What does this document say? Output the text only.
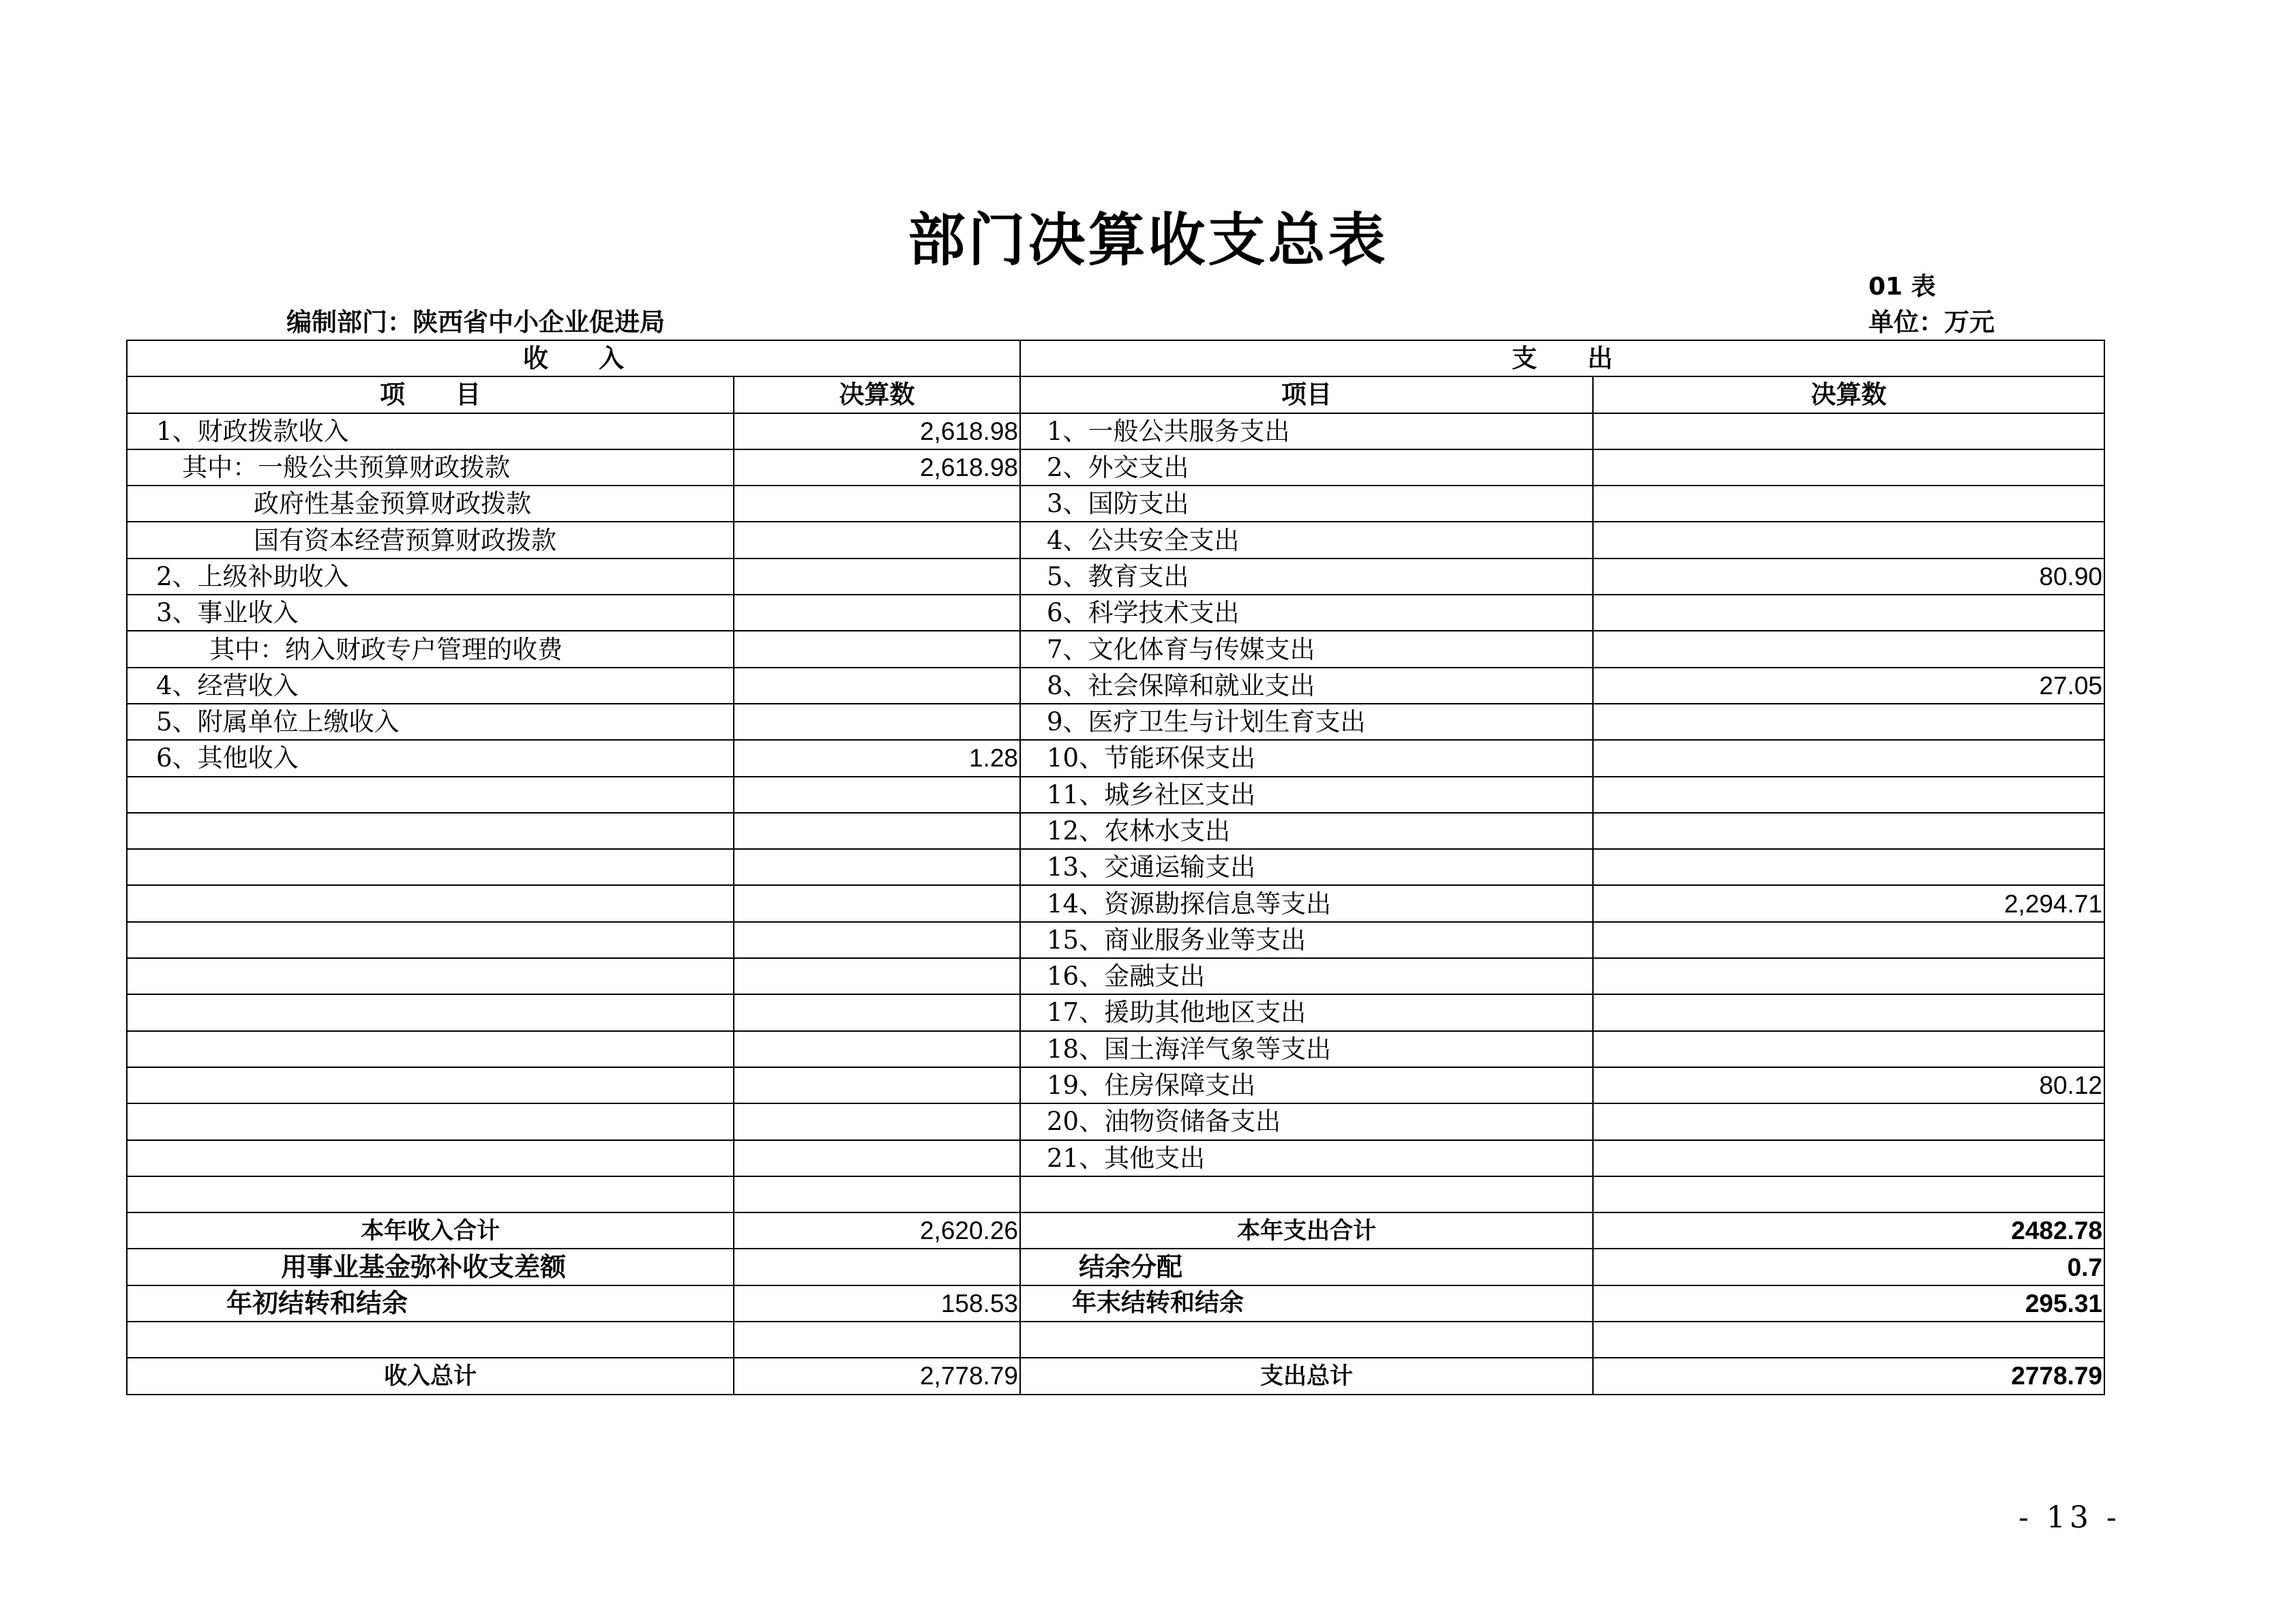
部门决算收支总表
01 表
编制部门：陕西省中小企业促进局	单位：万元
收　　入		支　　出	
项　　目	决算数	项目	决算数
1、财政拨款收入	2,618.98	1、一般公共服务支出	
其中：一般公共预算财政拨款	2,618.98	2、外交支出	
政府性基金预算财政拨款		3、国防支出	
国有资本经营预算财政拨款		4、公共安全支出	
2、上级补助收入		5、教育支出	80.90
3、事业收入		6、科学技术支出	
其中：纳入财政专户管理的收费		7、文化体育与传媒支出	
4、经营收入		8、社会保障和就业支出	27.05
5、附属单位上缴收入		9、医疗卫生与计划生育支出	
6、其他收入	1.28	10、节能环保支出	
		11、城乡社区支出	
		12、农林水支出	
		13、交通运输支出	
		14、资源勘探信息等支出	2,294.71
		15、商业服务业等支出	
		16、金融支出	
		17、援助其他地区支出	
		18、国土海洋气象等支出	
		19、住房保障支出	80.12
		20、油物资储备支出	
		21、其他支出	

本年收入合计	2,620.26	本年支出合计	2482.78
用事业基金弥补收支差额		结余分配	0.7
年初结转和结余	158.53	年末结转和结余	295.31

收入总计	2,778.79	支出总计	2778.79
- 13 -
